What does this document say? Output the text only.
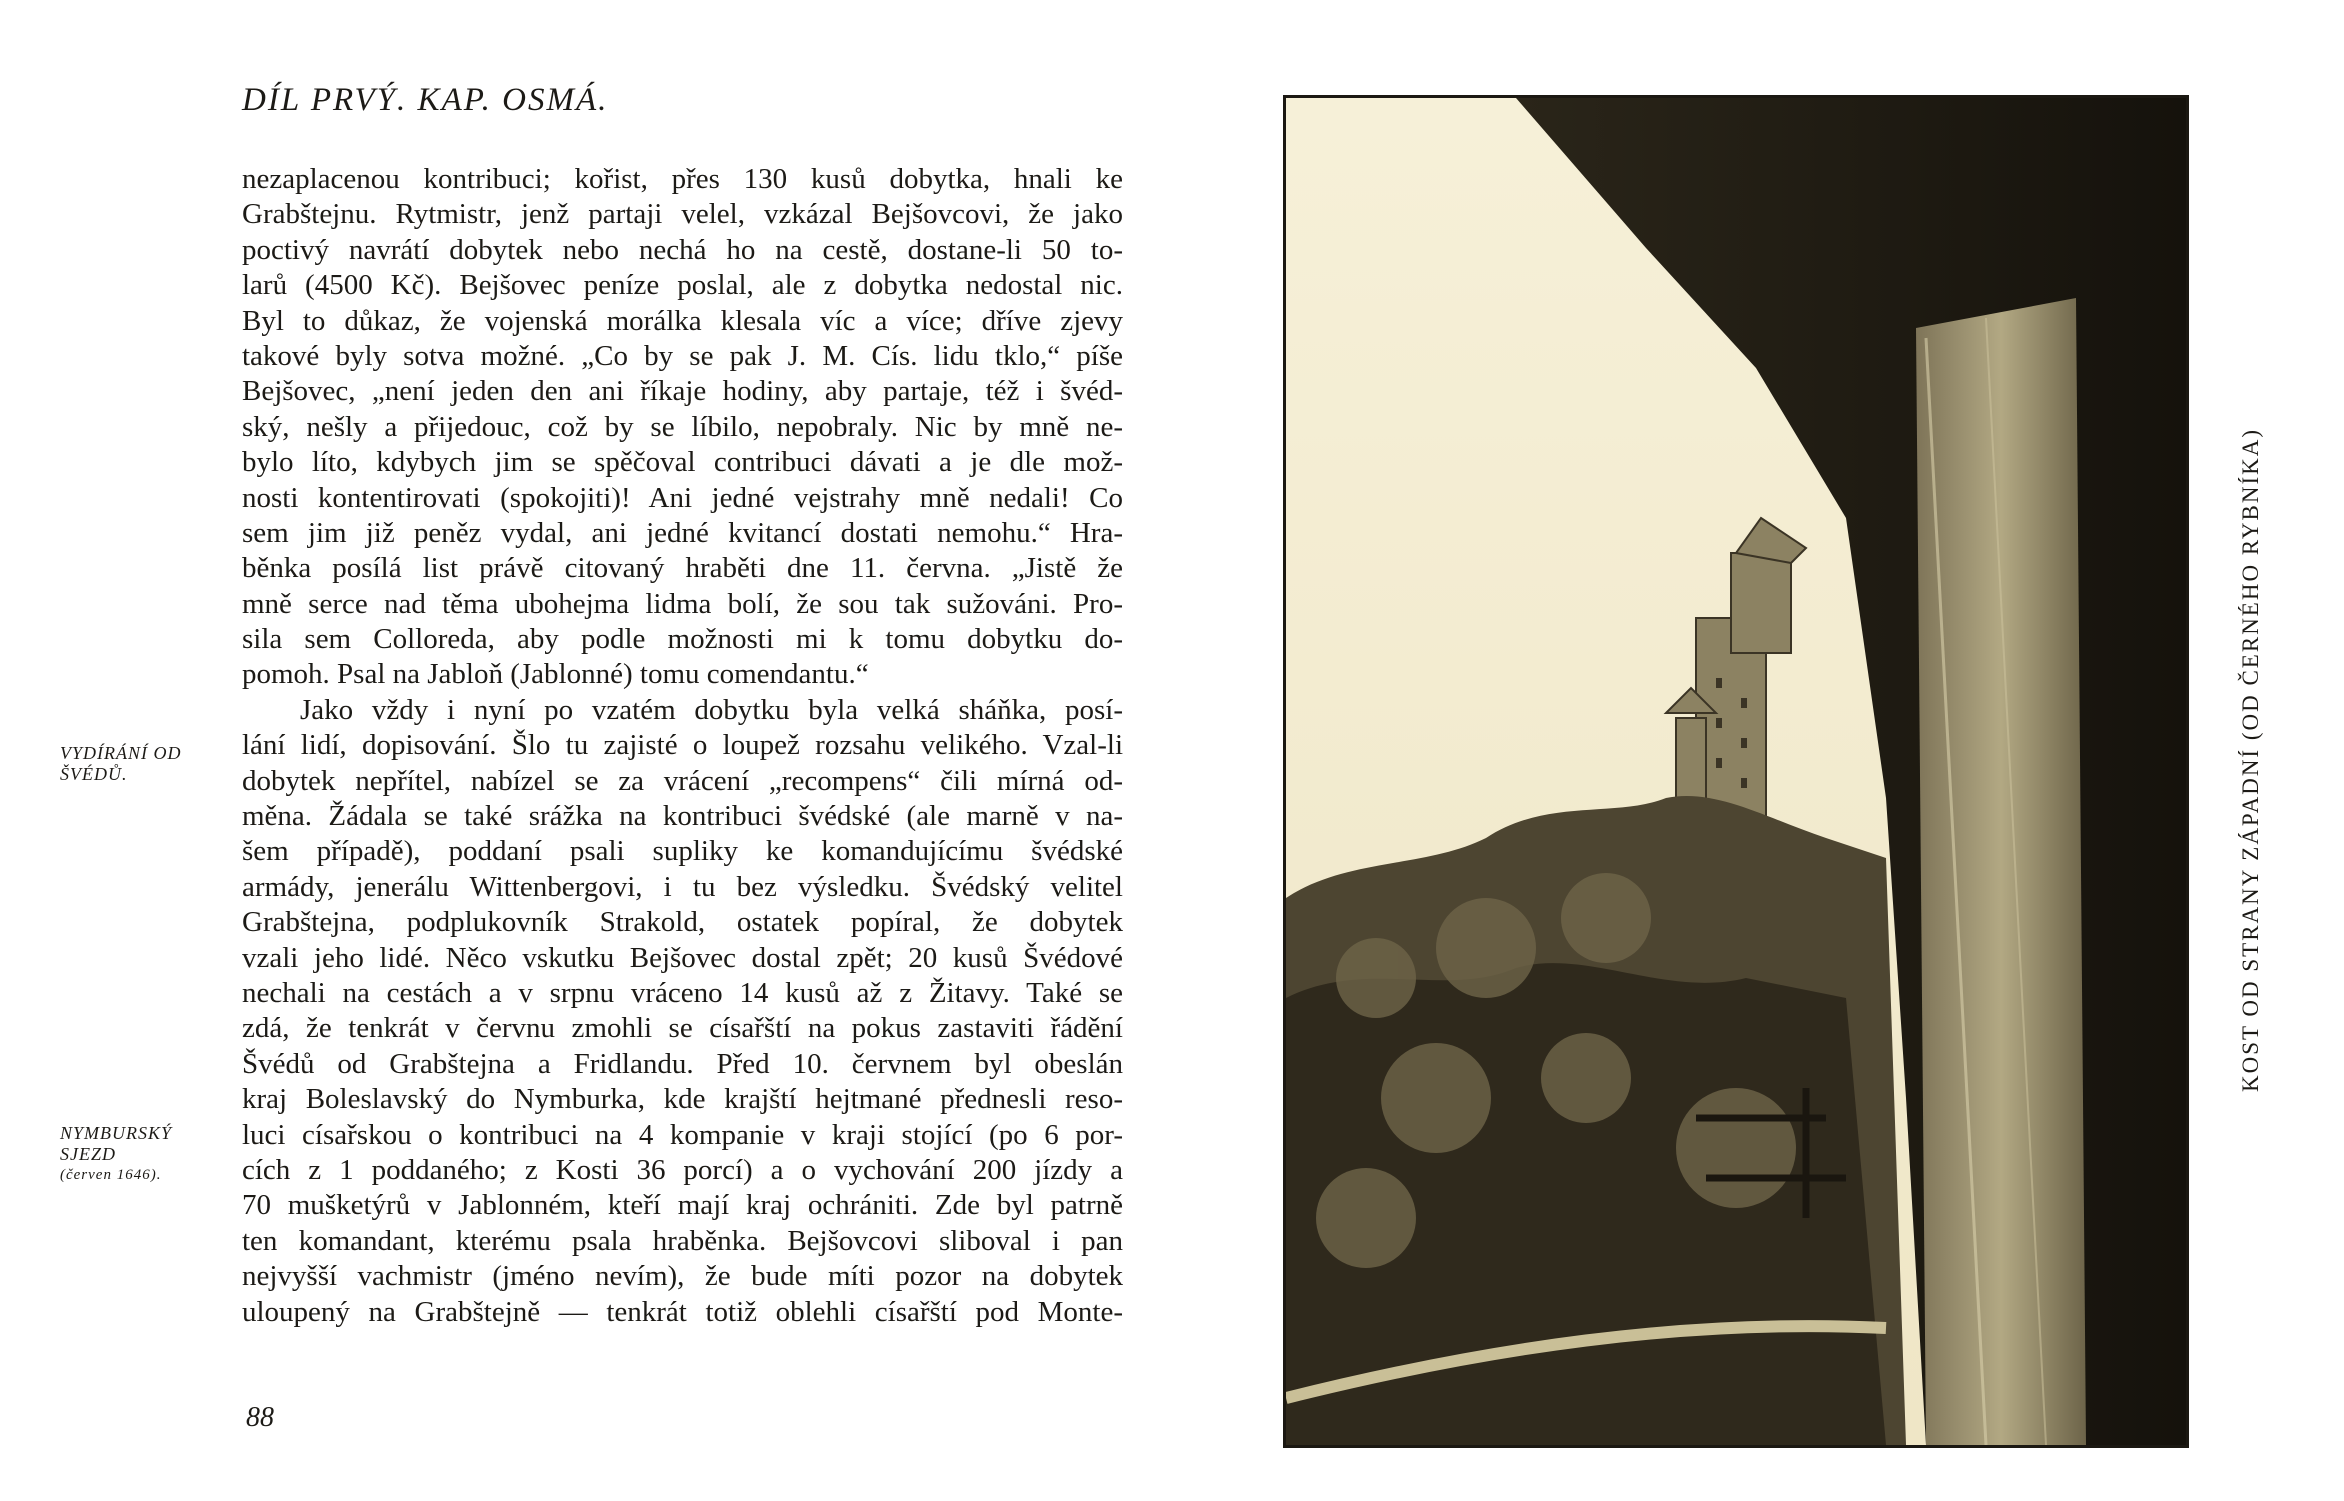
DÍL PRVÝ. KAP. OSMÁ.
nezaplacenou kontribuci; kořist, přes 130 kusů dobytka, hnali ke
Grabštejnu. Rytmistr, jenž partaji velel, vzkázal Bejšovcovi, že jako
poctivý navrátí dobytek nebo nechá ho na cestě, dostane-li 50 to-
larů (4500 Kč). Bejšovec peníze poslal, ale z dobytka nedostal nic.
Byl to důkaz, že vojenská morálka klesala víc a více; dříve zjevy
takové byly sotva možné. „Co by se pak J. M. Cís. lidu tklo,“ píše
Bejšovec, „není jeden den ani říkaje hodiny, aby partaje, též i švéd-
ský, nešly a přijedouc, což by se líbilo, nepobraly. Nic by mně ne-
bylo líto, kdybych jim se spěčoval contribuci dávati a je dle mož-
nosti kontentirovati (spokojiti)! Ani jedné vejstrahy mně nedali! Co
sem jim již peněz vydal, ani jedné kvitancí dostati nemohu.“ Hra-
běnka posílá list právě citovaný hraběti dne 11. června. „Jistě že
mně serce nad těma ubohejma lidma bolí, že sou tak sužováni. Pro-
sila sem Colloreda, aby podle možnosti mi k tomu dobytku do-
pomoh. Psal na Jabloň (Jablonné) tomu comendantu.“
Jako vždy i nyní po vzatém dobytku byla velká sháňka, posí-
lání lidí, dopisování. Šlo tu zajisté o loupež rozsahu velikého. Vzal-li
dobytek nepřítel, nabízel se za vrácení „recompens“ čili mírná od-
měna. Žádala se také srážka na kontribuci švédské (ale marně v na-
šem případě), poddaní psali supliky ke komandujícímu švédské
armády, jenerálu Wittenbergovi, i tu bez výsledku. Švédský velitel
Grabštejna, podplukovník Strakold, ostatek popíral, že dobytek
vzali jeho lidé. Něco vskutku Bejšovec dostal zpět; 20 kusů Švédové
nechali na cestách a v srpnu vráceno 14 kusů až z Žitavy. Také se
zdá, že tenkrát v červnu zmohli se císařští na pokus zastaviti řádění
Švédů od Grabštejna a Fridlandu. Před 10. červnem byl obeslán
kraj Boleslavský do Nymburka, kde krajští hejtmané přednesli reso-
luci císařskou o kontribuci na 4 kompanie v kraji stojící (po 6 por-
cích z 1 poddaného; z Kosti 36 porcí) a o vychování 200 jízdy a
70 mušketýrů v Jablonném, kteří mají kraj ochrániti. Zde byl patrně
ten komandant, kterému psala hraběnka. Bejšovcovi sliboval i pan
nejvyšší vachmistr (jméno nevím), že bude míti pozor na dobytek
uloupený na Grabštejně — tenkrát totiž oblehli císařští pod Monte-
VYDÍRÁNÍ OD
ŠVÉDŮ.
NYMBURSKÝ
SJEZD
(červen 1646).
88
KOST OD STRANY ZÁPADNÍ (OD ČERNÉHO RYBNÍKA)
